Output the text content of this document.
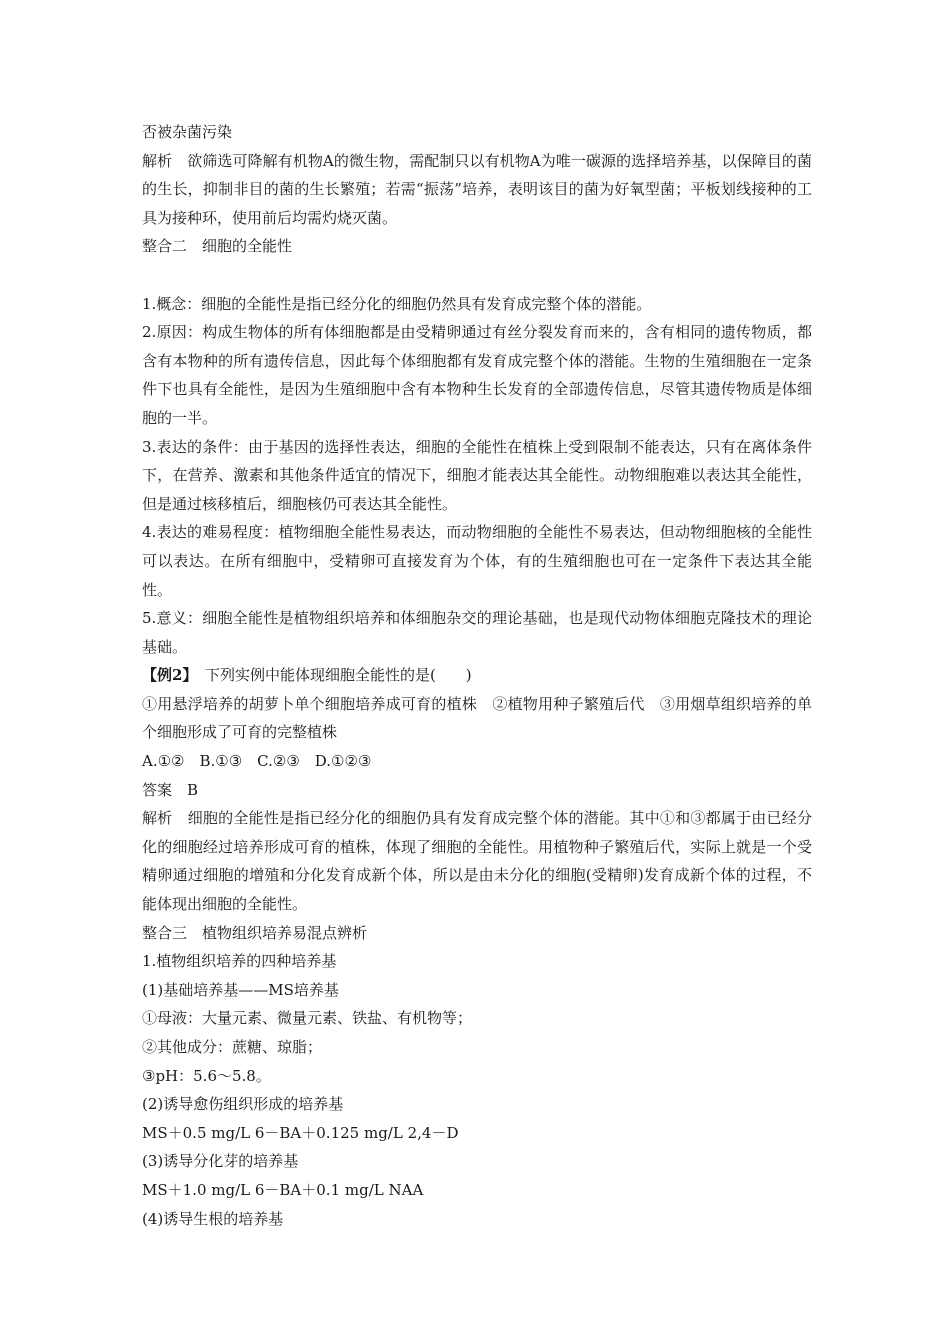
否被杂菌污染

解析　欲筛选可降解有机物A的微生物，需配制只以有机物A为唯一碳源的选择培养基，以保障目的菌的生长，抑制非目的菌的生长繁殖；若需“振荡”培养，表明该目的菌为好氧型菌；平板划线接种的工具为接种环，使用前后均需灼烧灭菌。

整合二　细胞的全能性

1.概念：细胞的全能性是指已经分化的细胞仍然具有发育成完整个体的潜能。

2.原因：构成生物体的所有体细胞都是由受精卵通过有丝分裂发育而来的，含有相同的遗传物质，都含有本物种的所有遗传信息，因此每个体细胞都有发育成完整个体的潜能。生物的生殖细胞在一定条件下也具有全能性，是因为生殖细胞中含有本物种生长发育的全部遗传信息，尽管其遗传物质是体细胞的一半。

3.表达的条件：由于基因的选择性表达，细胞的全能性在植株上受到限制不能表达，只有在离体条件下，在营养、激素和其他条件适宜的情况下，细胞才能表达其全能性。动物细胞难以表达其全能性，但是通过核移植后，细胞核仍可表达其全能性。

4.表达的难易程度：植物细胞全能性易表达，而动物细胞的全能性不易表达，但动物细胞核的全能性可以表达。在所有细胞中，受精卵可直接发育为个体，有的生殖细胞也可在一定条件下表达其全能性。

5.意义：细胞全能性是植物组织培养和体细胞杂交的理论基础，也是现代动物体细胞克隆技术的理论基础。

【例2】　下列实例中能体现细胞全能性的是(　　)

①用悬浮培养的胡萝卜单个细胞培养成可育的植株　②植物用种子繁殖后代　③用烟草组织培养的单个细胞形成了可育的完整植株

A.①②　B.①③　C.②③　D.①②③

答案　B

解析　细胞的全能性是指已经分化的细胞仍具有发育成完整个体的潜能。其中①和③都属于由已经分化的细胞经过培养形成可育的植株，体现了细胞的全能性。用植物种子繁殖后代，实际上就是一个受精卵通过细胞的增殖和分化发育成新个体，所以是由未分化的细胞(受精卵)发育成新个体的过程，不能体现出细胞的全能性。

整合三　植物组织培养易混点辨析

1.植物组织培养的四种培养基

(1)基础培养基——MS培养基

①母液：大量元素、微量元素、铁盐、有机物等；

②其他成分：蔗糖、琼脂；

③pH：5.6～5.8。

(2)诱导愈伤组织形成的培养基

MS＋0.5 mg/L 6－BA＋0.125 mg/L 2,4－D

(3)诱导分化芽的培养基

MS＋1.0 mg/L 6－BA＋0.1 mg/L NAA

(4)诱导生根的培养基
